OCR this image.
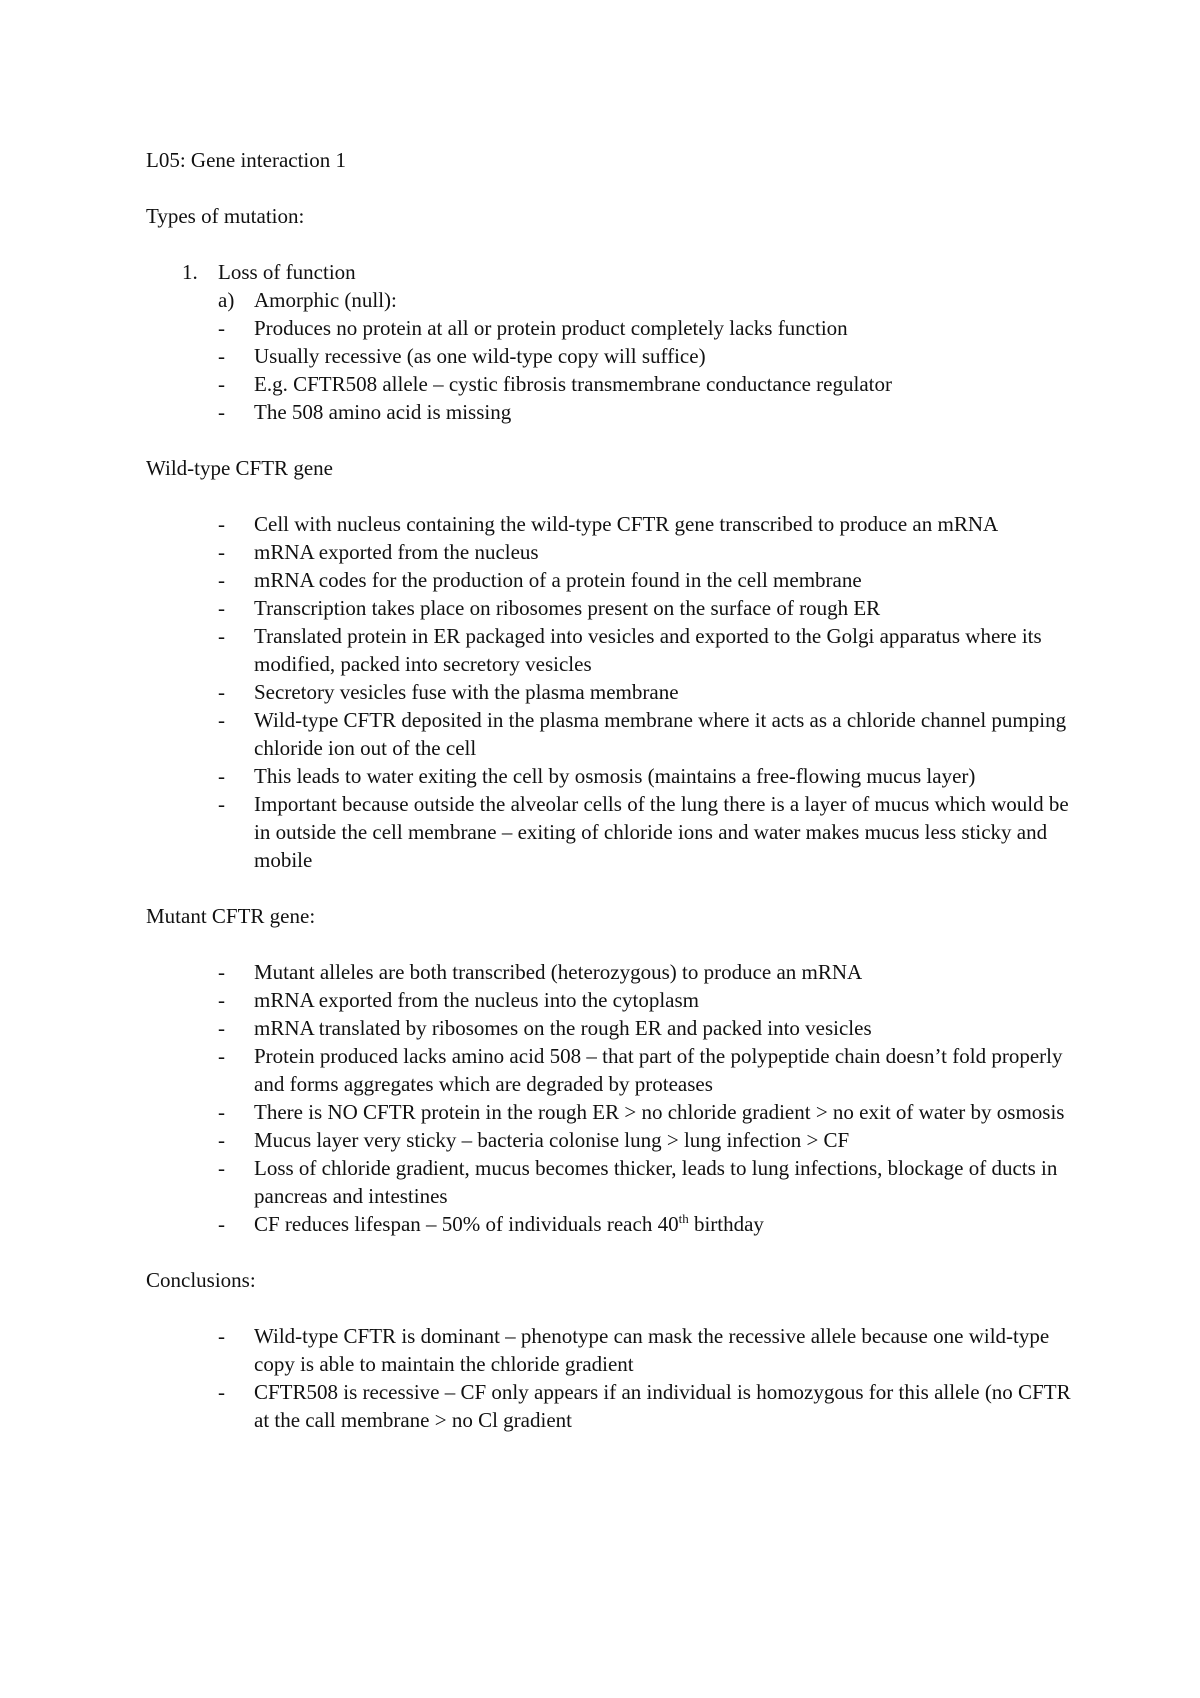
L05: Gene interaction 1

Types of mutation:

1. Loss of function
a) Amorphic (null):
-	Produces no protein at all or protein product completely lacks function
-	Usually recessive (as one wild-type copy will suffice)
-	E.g. CFTR508 allele – cystic fibrosis transmembrane conductance regulator
-	The 508 amino acid is missing

Wild-type CFTR gene

-	Cell with nucleus containing the wild-type CFTR gene transcribed to produce an mRNA
-	mRNA exported from the nucleus
-	mRNA codes for the production of a protein found in the cell membrane
-	Transcription takes place on ribosomes present on the surface of rough ER
-	Translated protein in ER packaged into vesicles and exported to the Golgi apparatus where its modified, packed into secretory vesicles
-	Secretory vesicles fuse with the plasma membrane
-	Wild-type CFTR deposited in the plasma membrane where it acts as a chloride channel pumping chloride ion out of the cell
-	This leads to water exiting the cell by osmosis (maintains a free-flowing mucus layer)
-	Important because outside the alveolar cells of the lung there is a layer of mucus which would be in outside the cell membrane – exiting of chloride ions and water makes mucus less sticky and mobile

Mutant CFTR gene:

-	Mutant alleles are both transcribed (heterozygous) to produce an mRNA
-	mRNA exported from the nucleus into the cytoplasm
-	mRNA translated by ribosomes on the rough ER and packed into vesicles
-	Protein produced lacks amino acid 508 – that part of the polypeptide chain doesn’t fold properly and forms aggregates which are degraded by proteases
-	There is NO CFTR protein in the rough ER > no chloride gradient > no exit of water by osmosis
-	Mucus layer very sticky – bacteria colonise lung > lung infection > CF
-	Loss of chloride gradient, mucus becomes thicker, leads to lung infections, blockage of ducts in pancreas and intestines
-	CF reduces lifespan – 50% of individuals reach 40th birthday

Conclusions:

-	Wild-type CFTR is dominant – phenotype can mask the recessive allele because one wild-type copy is able to maintain the chloride gradient
-	CFTR508 is recessive – CF only appears if an individual is homozygous for this allele (no CFTR at the call membrane > no Cl gradient
